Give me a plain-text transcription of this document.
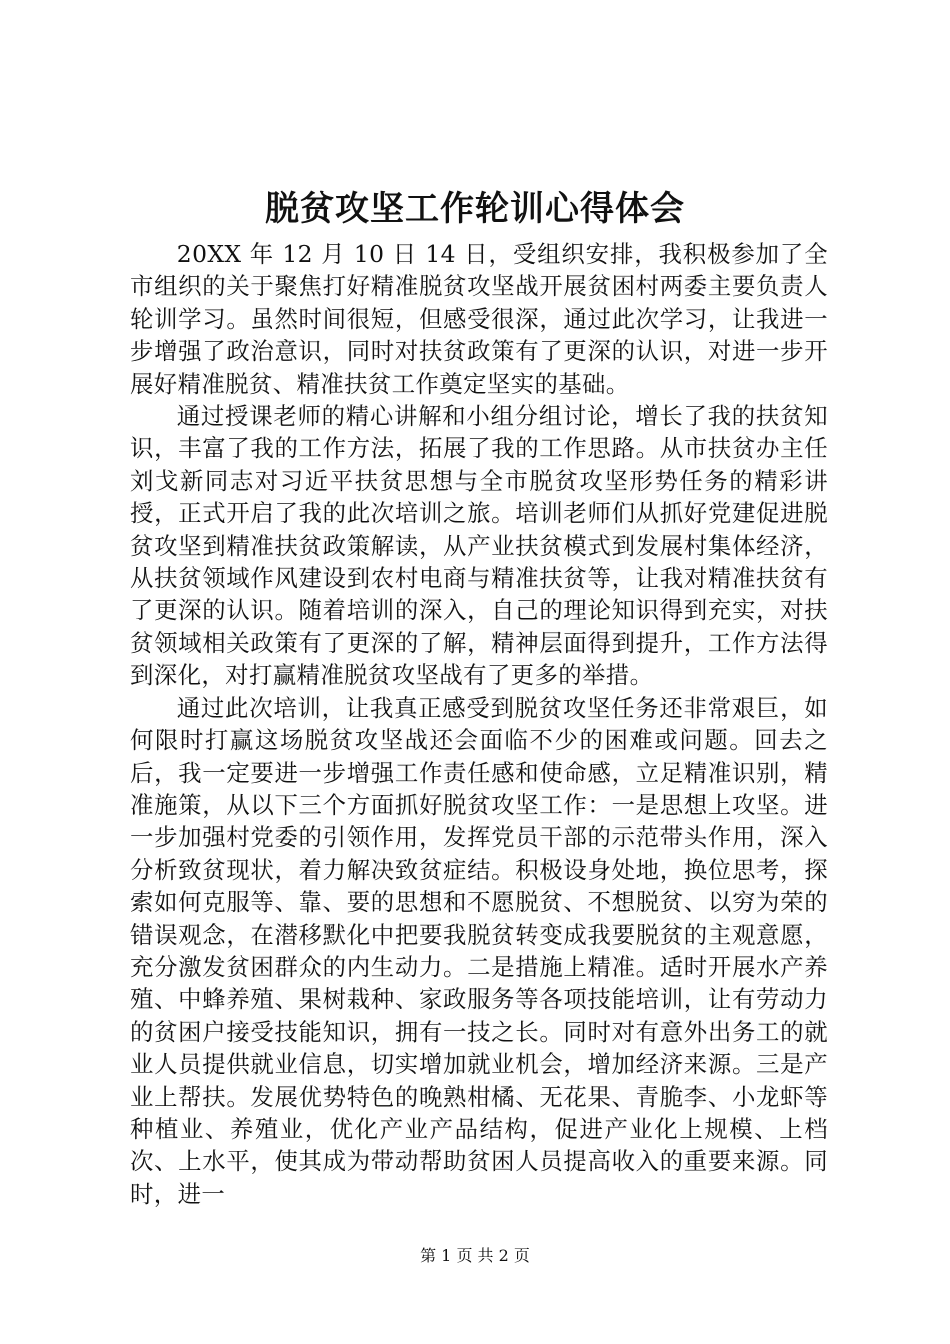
脱贫攻坚工作轮训心得体会

20XX 年 12 月 10 日 14 日，受组织安排，我积极参加了全市组织的关于聚焦打好精准脱贫攻坚战开展贫困村两委主要负责人轮训学习。虽然时间很短，但感受很深，通过此次学习，让我进一步增强了政治意识，同时对扶贫政策有了更深的认识，对进一步开展好精准脱贫、精准扶贫工作奠定坚实的基础。

通过授课老师的精心讲解和小组分组讨论，增长了我的扶贫知识，丰富了我的工作方法，拓展了我的工作思路。从市扶贫办主任刘戈新同志对习近平扶贫思想与全市脱贫攻坚形势任务的精彩讲授，正式开启了我的此次培训之旅。培训老师们从抓好党建促进脱贫攻坚到精准扶贫政策解读，从产业扶贫模式到发展村集体经济，从扶贫领域作风建设到农村电商与精准扶贫等，让我对精准扶贫有了更深的认识。随着培训的深入，自己的理论知识得到充实，对扶贫领域相关政策有了更深的了解，精神层面得到提升，工作方法得到深化，对打赢精准脱贫攻坚战有了更多的举措。

通过此次培训，让我真正感受到脱贫攻坚任务还非常艰巨，如何限时打赢这场脱贫攻坚战还会面临不少的困难或问题。回去之后，我一定要进一步增强工作责任感和使命感，立足精准识别，精准施策，从以下三个方面抓好脱贫攻坚工作：一是思想上攻坚。进一步加强村党委的引领作用，发挥党员干部的示范带头作用，深入分析致贫现状，着力解决致贫症结。积极设身处地，换位思考，探索如何克服等、靠、要的思想和不愿脱贫、不想脱贫、以穷为荣的错误观念，在潜移默化中把要我脱贫转变成我要脱贫的主观意愿，充分激发贫困群众的内生动力。二是措施上精准。适时开展水产养殖、中蜂养殖、果树栽种、家政服务等各项技能培训，让有劳动力的贫困户接受技能知识，拥有一技之长。同时对有意外出务工的就业人员提供就业信息，切实增加就业机会，增加经济来源。三是产业上帮扶。发展优势特色的晚熟柑橘、无花果、青脆李、小龙虾等种植业、养殖业，优化产业产品结构，促进产业化上规模、上档次、上水平，使其成为带动帮助贫困人员提高收入的重要来源。同时，进一

第 1 页 共 2 页
